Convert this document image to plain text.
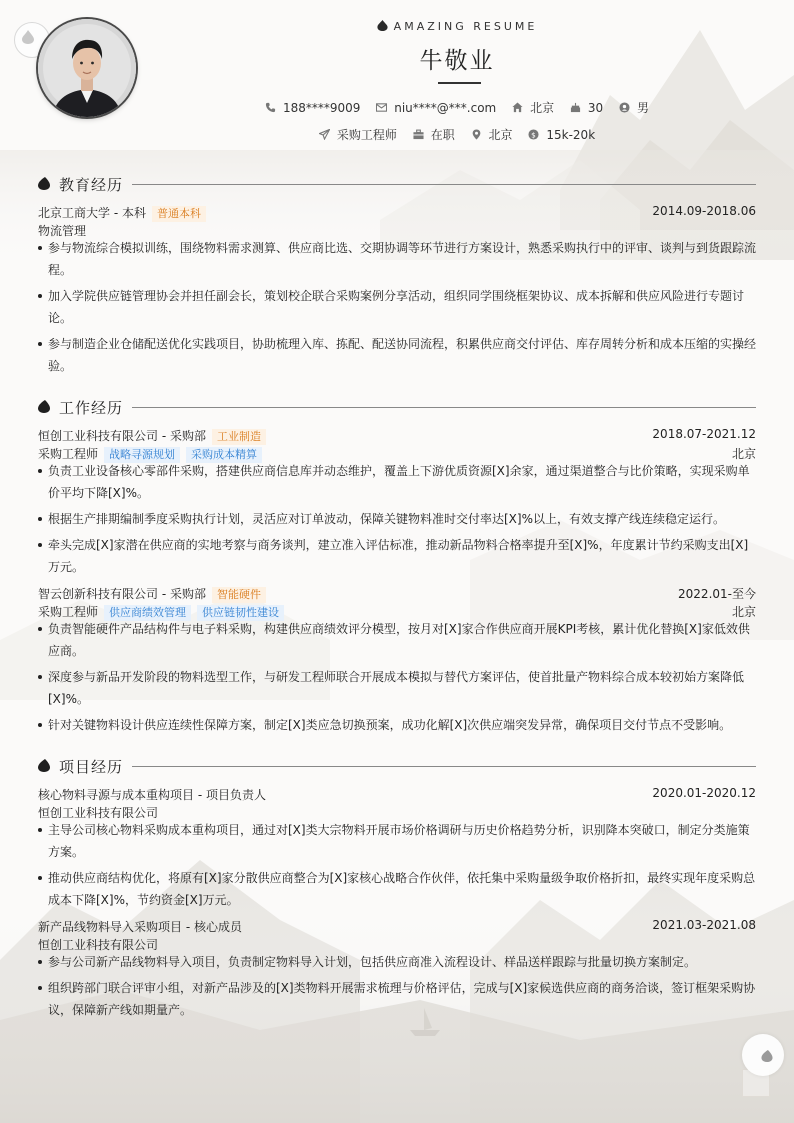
AMAZING RESUME
牛敬业
188****9009	niu****@***.com	北京	30	男
采购工程师	在职	北京 $ 15k-20k
教育经历
北京工商大学 - 本科 普通本科	2014.09-2018.06
物流管理
参与物流综合模拟训练，围绕物料需求测算、供应商比选、交期协调等环节进行方案设计，熟悉采购执行中的评审、谈判与到货跟踪流程。
加入学院供应链管理协会并担任副会长，策划校企联合采购案例分享活动，组织同学围绕框架协议、成本拆解和供应风险进行专题讨论。
参与制造企业仓储配送优化实践项目，协助梳理入库、拣配、配送协同流程，积累供应商交付评估、库存周转分析和成本压缩的实操经验。
工作经历
恒创工业科技有限公司 - 采购部 工业制造	2018.07-2021.12
采购工程师 战略寻源规划 采购成本精算	北京
负责工业设备核心零部件采购，搭建供应商信息库并动态维护，覆盖上下游优质资源[X]余家，通过渠道整合与比价策略，实现采购单价平均下降[X]%。
根据生产排期编制季度采购执行计划，灵活应对订单波动，保障关键物料准时交付率达[X]%以上，有效支撑产线连续稳定运行。
牵头完成[X]家潜在供应商的实地考察与商务谈判，建立准入评估标准，推动新品物料合格率提升至[X]%，年度累计节约采购支出[X]万元。
智云创新科技有限公司 - 采购部 智能硬件	2022.01-至今
采购工程师 供应商绩效管理 供应链韧性建设	北京
负责智能硬件产品结构件与电子料采购，构建供应商绩效评分模型，按月对[X]家合作供应商开展KPI考核，累计优化替换[X]家低效供应商。
深度参与新品开发阶段的物料选型工作，与研发工程师联合开展成本模拟与替代方案评估，使首批量产物料综合成本较初始方案降低[X]%。
针对关键物料设计供应连续性保障方案，制定[X]类应急切换预案，成功化解[X]次供应端突发异常，确保项目交付节点不受影响。
项目经历
核心物料寻源与成本重构项目 - 项目负责人	2020.01-2020.12
恒创工业科技有限公司
主导公司核心物料采购成本重构项目，通过对[X]类大宗物料开展市场价格调研与历史价格趋势分析，识别降本突破口，制定分类施策方案。
推动供应商结构优化，将原有[X]家分散供应商整合为[X]家核心战略合作伙伴，依托集中采购量级争取价格折扣，最终实现年度采购总成本下降[X]%，节约资金[X]万元。
新产品线物料导入采购项目 - 核心成员	2021.03-2021.08
恒创工业科技有限公司
参与公司新产品线物料导入项目，负责制定物料导入计划，包括供应商准入流程设计、样品送样跟踪与批量切换方案制定。
组织跨部门联合评审小组，对新产品涉及的[X]类物料开展需求梳理与价格评估，完成与[X]家候选供应商的商务洽谈，签订框架采购协议，保障新产线如期量产。
